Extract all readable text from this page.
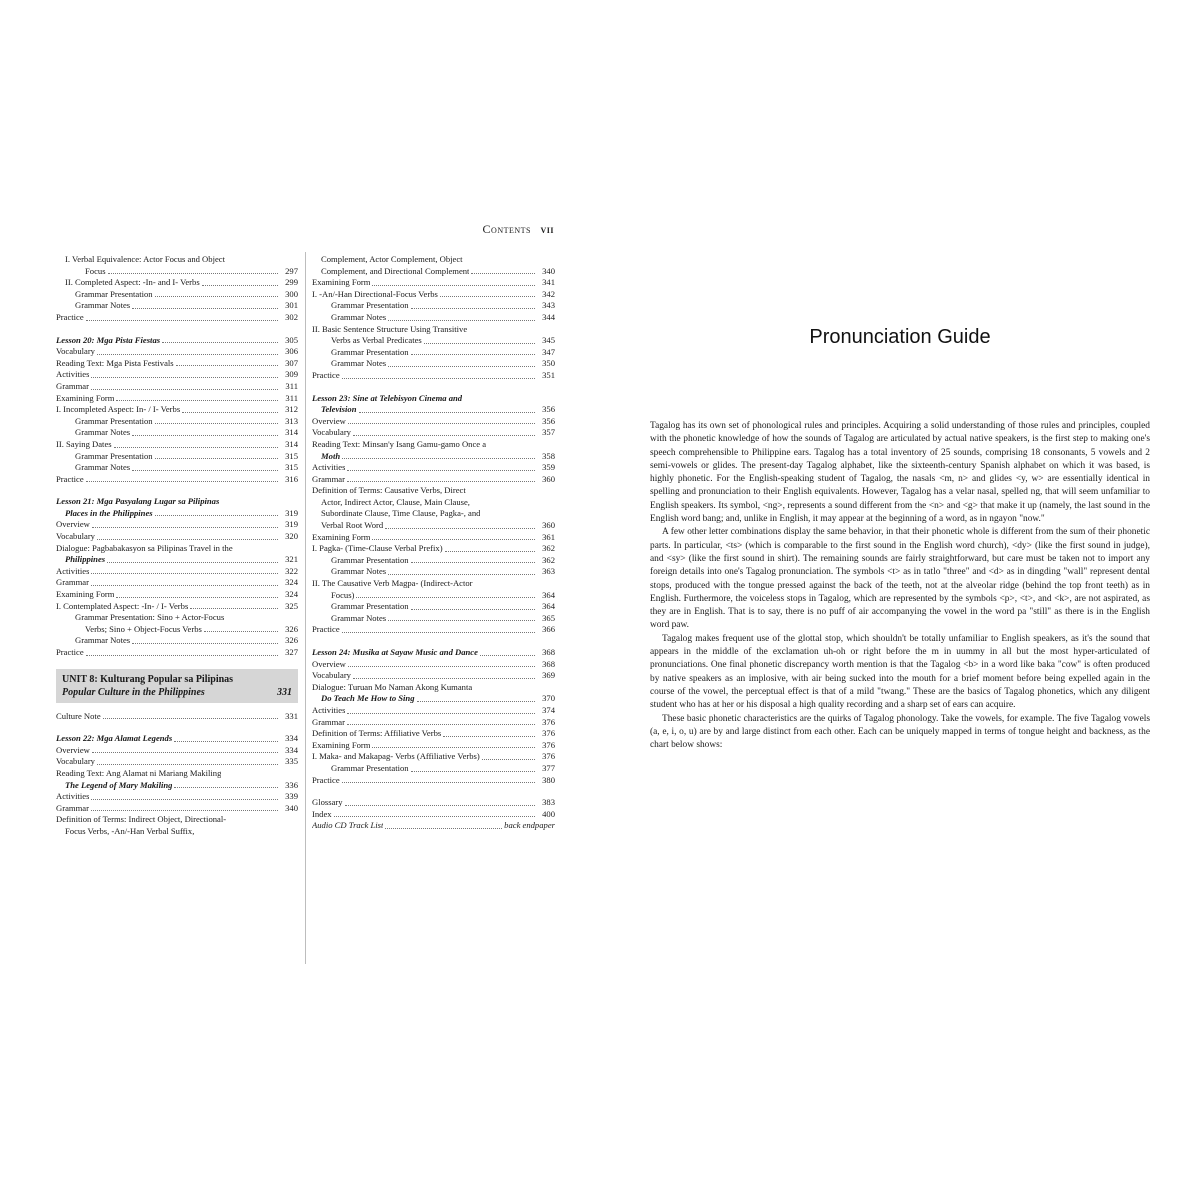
Contents vii
I. Verbal Equivalence: Actor Focus and Object
Focus	297
II. Completed Aspect: -In- and I- Verbs	299
Grammar Presentation	300
Grammar Notes	301
Practice	302
Lesson 20: Mga Pista Fiestas	305
Vocabulary	306
Reading Text: Mga Pista Festivals	307
Activities	309
Grammar	311
Examining Form	311
I. Incompleted Aspect: In- / I- Verbs	312
Grammar Presentation	313
Grammar Notes	314
II. Saying Dates	314
Grammar Presentation	315
Grammar Notes	315
Practice	316
Lesson 21: Mga Pasyalang Lugar sa Pilipinas
Places in the Philippines	319
Overview	319
Vocabulary	320
Dialogue: Pagbabakasyon sa Pilipinas Travel in the
Philippines	321
Activities	322
Grammar	324
Examining Form	324
I. Contemplated Aspect: -In- / I- Verbs	325
Grammar Presentation: Sino + Actor-Focus
Verbs; Sino + Object-Focus Verbs	326
Grammar Notes	326
Practice	327
UNIT 8: Kulturang Popular sa Pilipinas
Popular Culture in the Philippines	331
Culture Note	331
Lesson 22: Mga Alamat Legends	334
Overview	334
Vocabulary	335
Reading Text: Ang Alamat ni Mariang Makiling
The Legend of Mary Makiling	336
Activities	339
Grammar	340
Definition of Terms: Indirect Object, Directional-
Focus Verbs, -An/-Han Verbal Suffix,
Complement, Actor Complement, Object
Complement, and Directional Complement	340
Examining Form	341
I. -An/-Han Directional-Focus Verbs	342
Grammar Presentation	343
Grammar Notes	344
II. Basic Sentence Structure Using Transitive
Verbs as Verbal Predicates	345
Grammar Presentation	347
Grammar Notes	350
Practice	351
Lesson 23: Sine at Telebisyon Cinema and
Television	356
Overview	356
Vocabulary	357
Reading Text: Minsan'y Isang Gamu-gamo Once a
Moth	358
Activities	359
Grammar	360
Definition of Terms: Causative Verbs, Direct
Actor, Indirect Actor, Clause, Main Clause,
Subordinate Clause, Time Clause, Pagka-, and
Verbal Root Word	360
Examining Form	361
I. Pagka- (Time-Clause Verbal Prefix)	362
Grammar Presentation	362
Grammar Notes	363
II. The Causative Verb Magpa- (Indirect-Actor
Focus)	364
Grammar Presentation	364
Grammar Notes	365
Practice	366
Lesson 24: Musika at Sayaw Music and Dance	368
Overview	368
Vocabulary	369
Dialogue: Turuan Mo Naman Akong Kumanta
Do Teach Me How to Sing	370
Activities	374
Grammar	376
Definition of Terms: Affiliative Verbs	376
Examining Form	376
I. Maka- and Makapag- Verbs (Affiliative Verbs)	376
Grammar Presentation	377
Practice	380
Glossary	383
Index	400
Audio CD Track List	back endpaper
Pronunciation Guide

Tagalog has its own set of phonological rules and principles. Acquiring a solid understanding of those rules and principles, coupled with the phonetic knowledge of how the sounds of Tagalog are articulated by actual native speakers, is the first step to making one's speech comprehensible to Philippine ears. Tagalog has a total inventory of 25 sounds, comprising 18 consonants, 5 vowels and 2 semi-vowels or glides. The present-day Tagalog alphabet, like the sixteenth-century Spanish alphabet on which it was based, is highly phonetic. For the English-speaking student of Tagalog, the nasals <m, n> and glides <y, w> are essentially identical in spelling and pronunciation to their English equivalents. However, Tagalog has a velar nasal, spelled ng, that will seem unfamiliar to English speakers. Its symbol, <ng>, represents a sound different from the <n> and <g> that make it up (namely, the last sound in the English word bang; and, unlike in English, it may appear at the beginning of a word, as in ngayon "now."

A few other letter combinations display the same behavior, in that their phonetic whole is different from the sum of their phonetic parts. In particular, <ts> (which is comparable to the first sound in the English word church), <dy> (like the first sound in judge), and <sy> (like the first sound in shirt). The remaining sounds are fairly straightforward, but care must be taken not to import any foreign details into one's Tagalog pronunciation. The symbols <t> as in tatlo "three" and <d> as in dingding "wall" represent dental stops, produced with the tongue pressed against the back of the teeth, not at the alveolar ridge (behind the top front teeth) as in English. Furthermore, the voiceless stops in Tagalog, which are represented by the symbols <p>, <t>, and <k>, are not aspirated, as they are in English. That is to say, there is no puff of air accompanying the vowel in the word pa "still" as there is in the English word paw.

Tagalog makes frequent use of the glottal stop, which shouldn't be totally unfamiliar to English speakers, as it's the sound that appears in the middle of the exclamation uh-oh or right before the m in uummy in all but the most hyper-articulated of pronunciations. One final phonetic discrepancy worth mention is that the Tagalog <b> in a word like baka "cow" is often produced by native speakers as an implosive, with air being sucked into the mouth for a brief moment before being expelled again in the course of the vowel, the perceptual effect is that of a mild "twang." These are the basics of Tagalog phonetics, which any diligent student who has at her or his disposal a high quality recording and a sharp set of ears can acquire.

These basic phonetic characteristics are the quirks of Tagalog phonology. Take the vowels, for example. The five Tagalog vowels (a, e, i, o, u) are by and large distinct from each other. Each can be uniquely mapped in terms of tongue height and backness, as the chart below shows:
